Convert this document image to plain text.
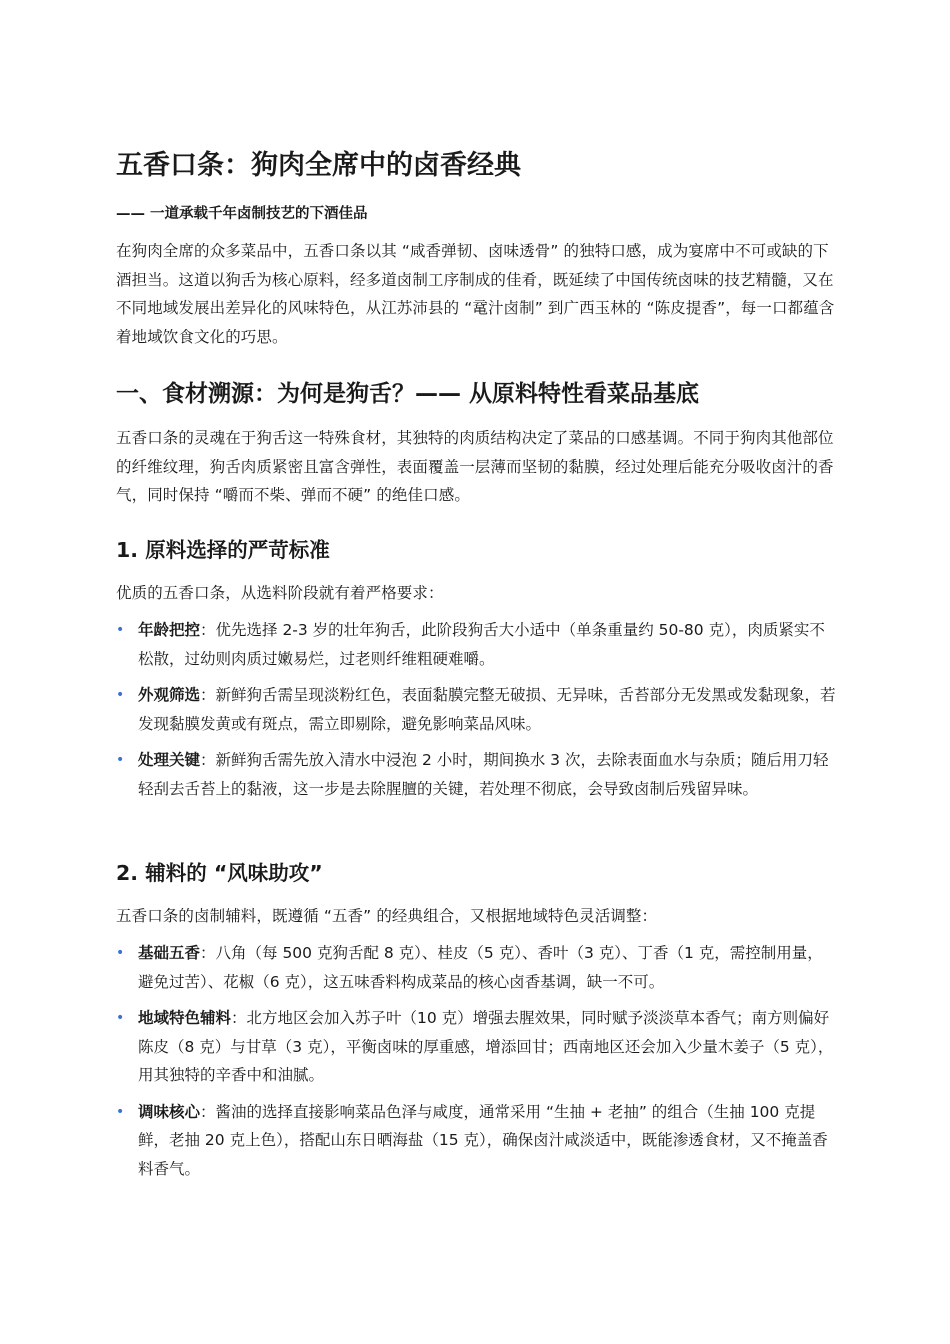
五香口条：狗肉全席中的卤香经典

—— 一道承载千年卤制技艺的下酒佳品

在狗肉全席的众多菜品中，五香口条以其 “咸香弹韧、卤味透骨” 的独特口感，成为宴席中不可或缺的下酒担当。这道以狗舌为核心原料，经多道卤制工序制成的佳肴，既延续了中国传统卤味的技艺精髓，又在不同地域发展出差异化的风味特色，从江苏沛县的 “鼋汁卤制” 到广西玉林的 “陈皮提香”，每一口都蕴含着地域饮食文化的巧思。

一、食材溯源：为何是狗舌？—— 从原料特性看菜品基底

五香口条的灵魂在于狗舌这一特殊食材，其独特的肉质结构决定了菜品的口感基调。不同于狗肉其他部位的纤维纹理，狗舌肉质紧密且富含弹性，表面覆盖一层薄而坚韧的黏膜，经过处理后能充分吸收卤汁的香气，同时保持 “嚼而不柴、弹而不硬” 的绝佳口感。

1. 原料选择的严苛标准

优质的五香口条，从选料阶段就有着严格要求：

• 年龄把控：优先选择 2-3 岁的壮年狗舌，此阶段狗舌大小适中（单条重量约 50-80 克），肉质紧实不松散，过幼则肉质过嫩易烂，过老则纤维粗硬难嚼。
• 外观筛选：新鲜狗舌需呈现淡粉红色，表面黏膜完整无破损、无异味，舌苔部分无发黑或发黏现象，若发现黏膜发黄或有斑点，需立即剔除，避免影响菜品风味。
• 处理关键：新鲜狗舌需先放入清水中浸泡 2 小时，期间换水 3 次，去除表面血水与杂质；随后用刀轻轻刮去舌苔上的黏液，这一步是去除腥膻的关键，若处理不彻底，会导致卤制后残留异味。
2. 辅料的 “风味助攻”

五香口条的卤制辅料，既遵循 “五香” 的经典组合，又根据地域特色灵活调整：

• 基础五香：八角（每 500 克狗舌配 8 克）、桂皮（5 克）、香叶（3 克）、丁香（1 克，需控制用量，避免过苦）、花椒（6 克），这五味香料构成菜品的核心卤香基调，缺一不可。
• 地域特色辅料：北方地区会加入苏子叶（10 克）增强去腥效果，同时赋予淡淡草本香气；南方则偏好陈皮（8 克）与甘草（3 克），平衡卤味的厚重感，增添回甘；西南地区还会加入少量木姜子（5 克），用其独特的辛香中和油腻。
• 调味核心：酱油的选择直接影响菜品色泽与咸度，通常采用 “生抽 + 老抽” 的组合（生抽 100 克提鲜，老抽 20 克上色），搭配山东日晒海盐（15 克），确保卤汁咸淡适中，既能渗透食材，又不掩盖香料香气。
